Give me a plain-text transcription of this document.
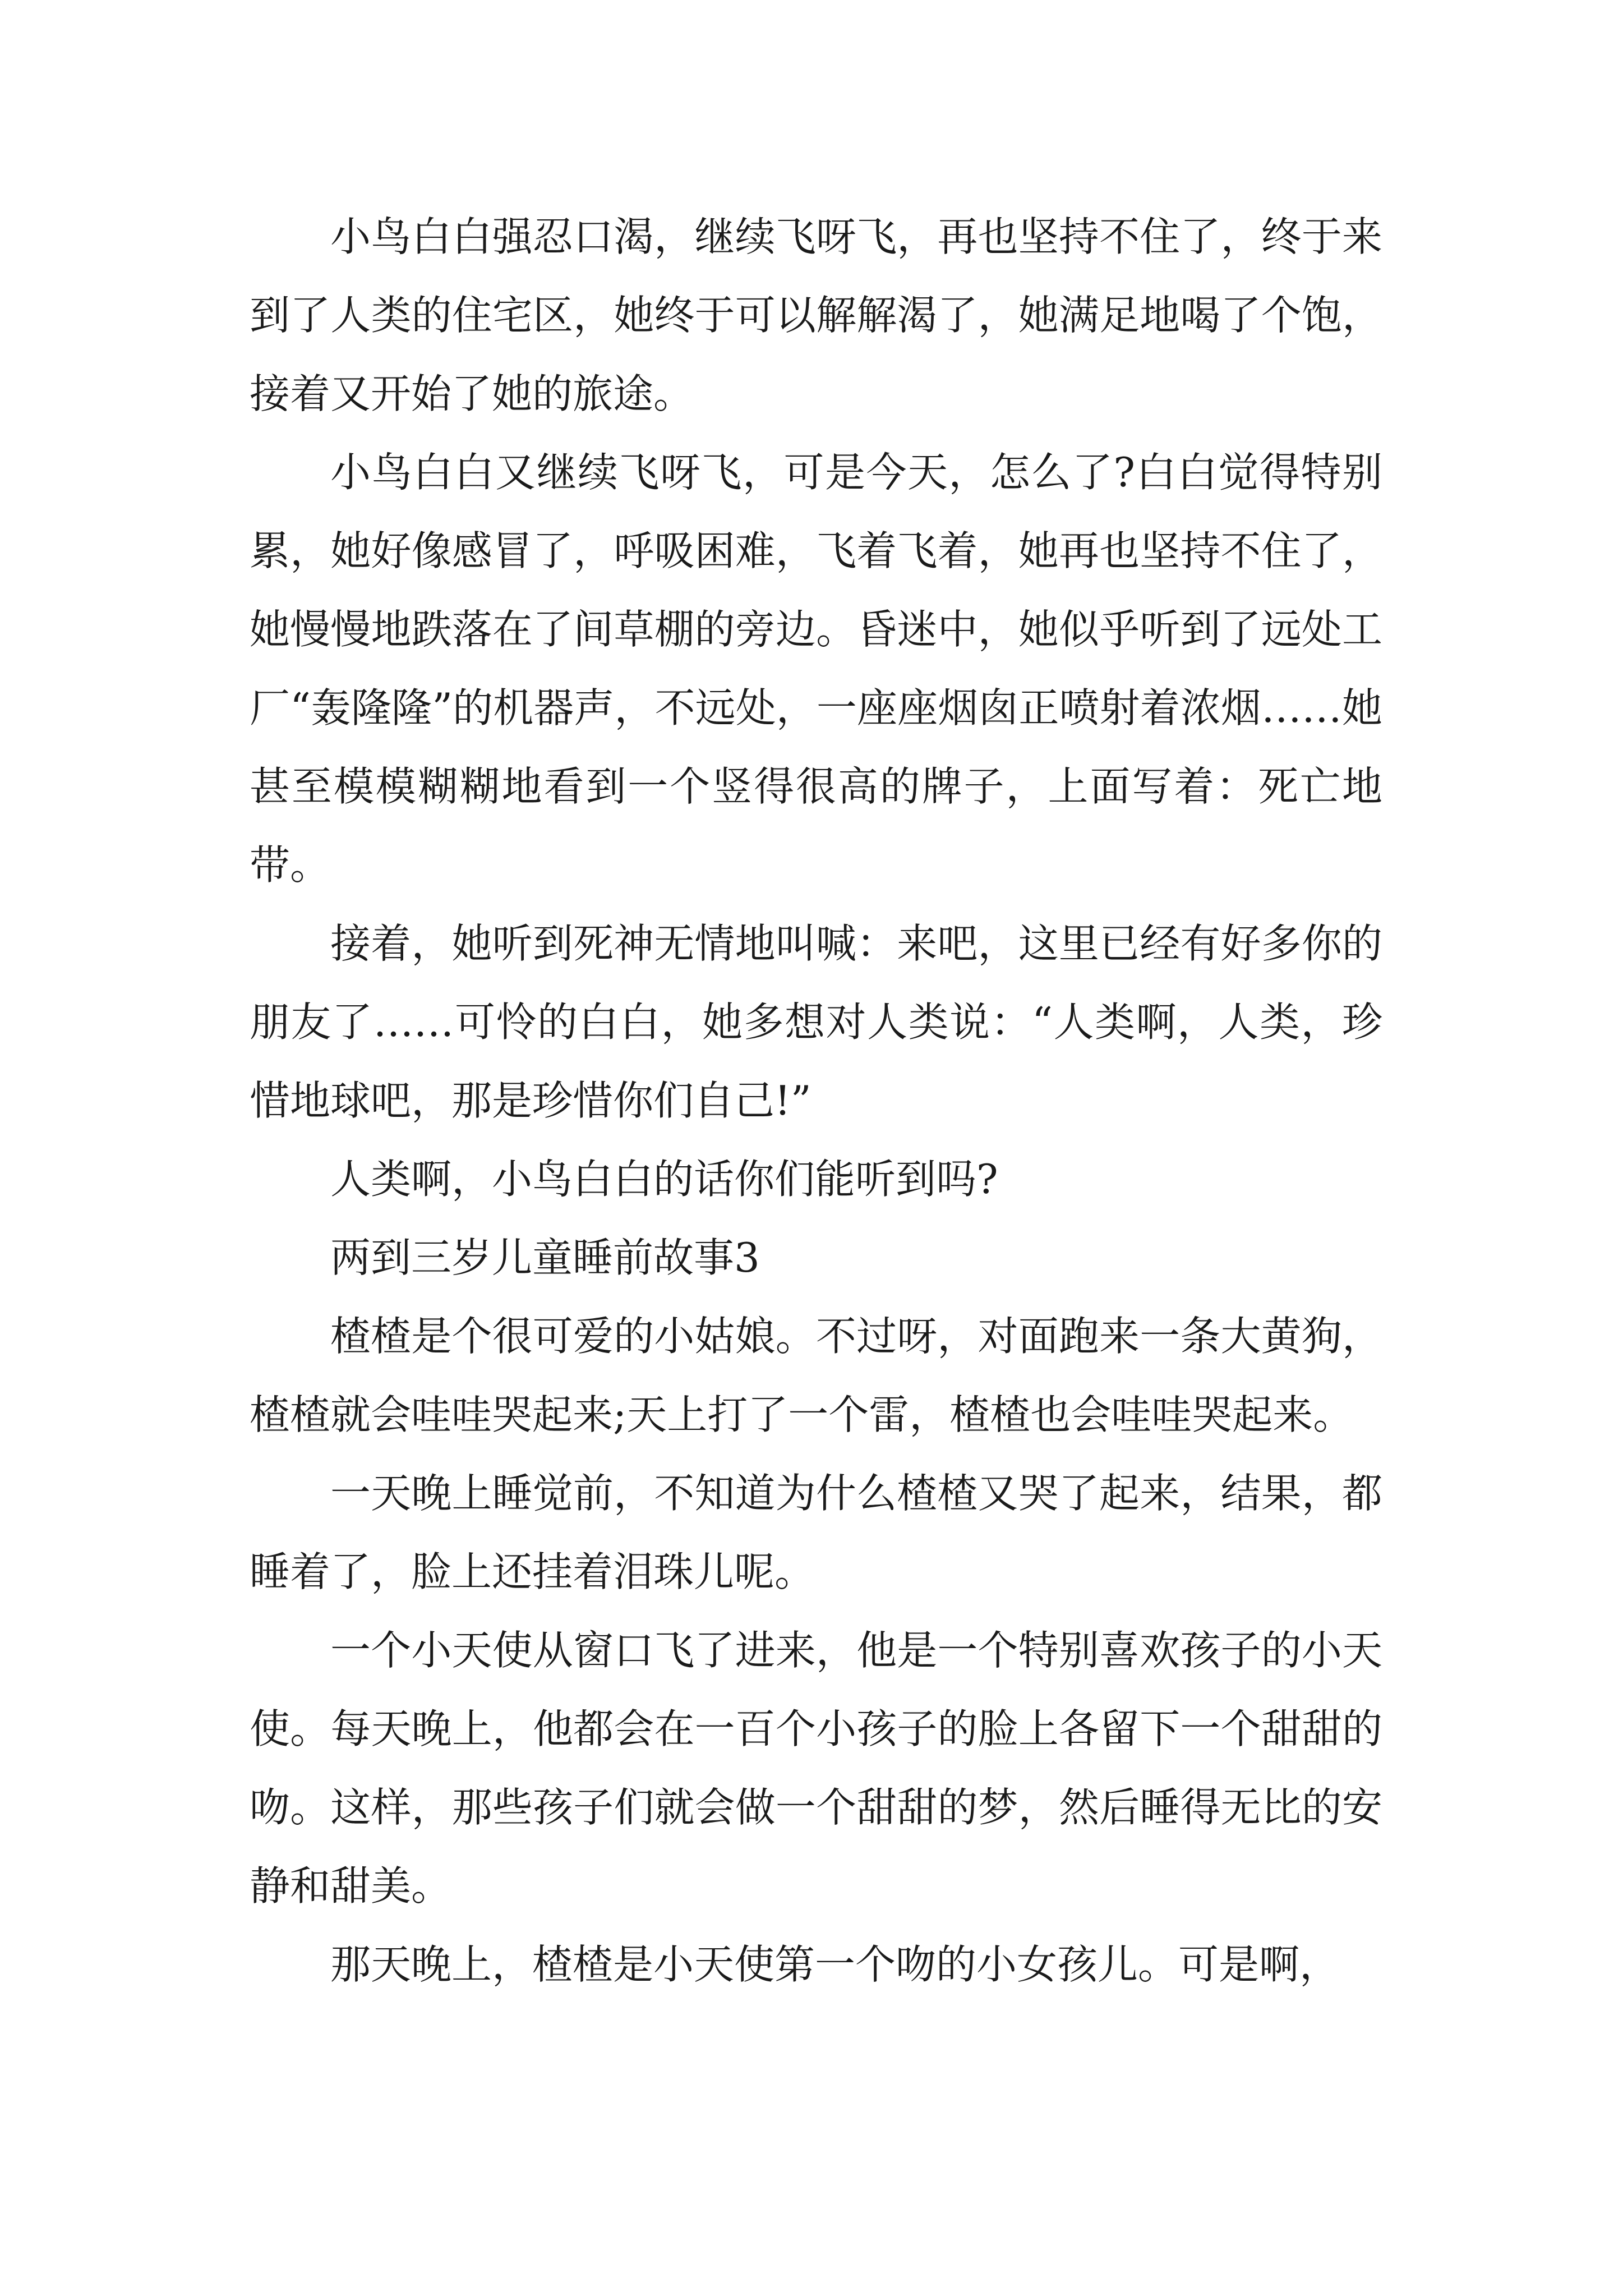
小鸟白白强忍口渴，继续飞呀飞，再也坚持不住了，终于来到了人类的住宅区，她终于可以解解渴了，她满足地喝了个饱，接着又开始了她的旅途。

小鸟白白又继续飞呀飞，可是今天，怎么了?白白觉得特别累，她好像感冒了，呼吸困难，飞着飞着，她再也坚持不住了，她慢慢地跌落在了间草棚的旁边。昏迷中，她似乎听到了远处工厂“轰隆隆”的机器声，不远处，一座座烟囱正喷射着浓烟……她甚至模模糊糊地看到一个竖得很高的牌子，上面写着：死亡地带。

接着，她听到死神无情地叫喊：来吧，这里已经有好多你的朋友了……可怜的白白，她多想对人类说：“人类啊，人类，珍惜地球吧，那是珍惜你们自己!”

人类啊，小鸟白白的话你们能听到吗?

两到三岁儿童睡前故事3

楂楂是个很可爱的小姑娘。不过呀，对面跑来一条大黄狗，楂楂就会哇哇哭起来;天上打了一个雷，楂楂也会哇哇哭起来。

一天晚上睡觉前，不知道为什么楂楂又哭了起来，结果，都睡着了，脸上还挂着泪珠儿呢。

一个小天使从窗口飞了进来，他是一个特别喜欢孩子的小天使。每天晚上，他都会在一百个小孩子的脸上各留下一个甜甜的吻。这样，那些孩子们就会做一个甜甜的梦，然后睡得无比的安静和甜美。

那天晚上，楂楂是小天使第一个吻的小女孩儿。可是啊，
